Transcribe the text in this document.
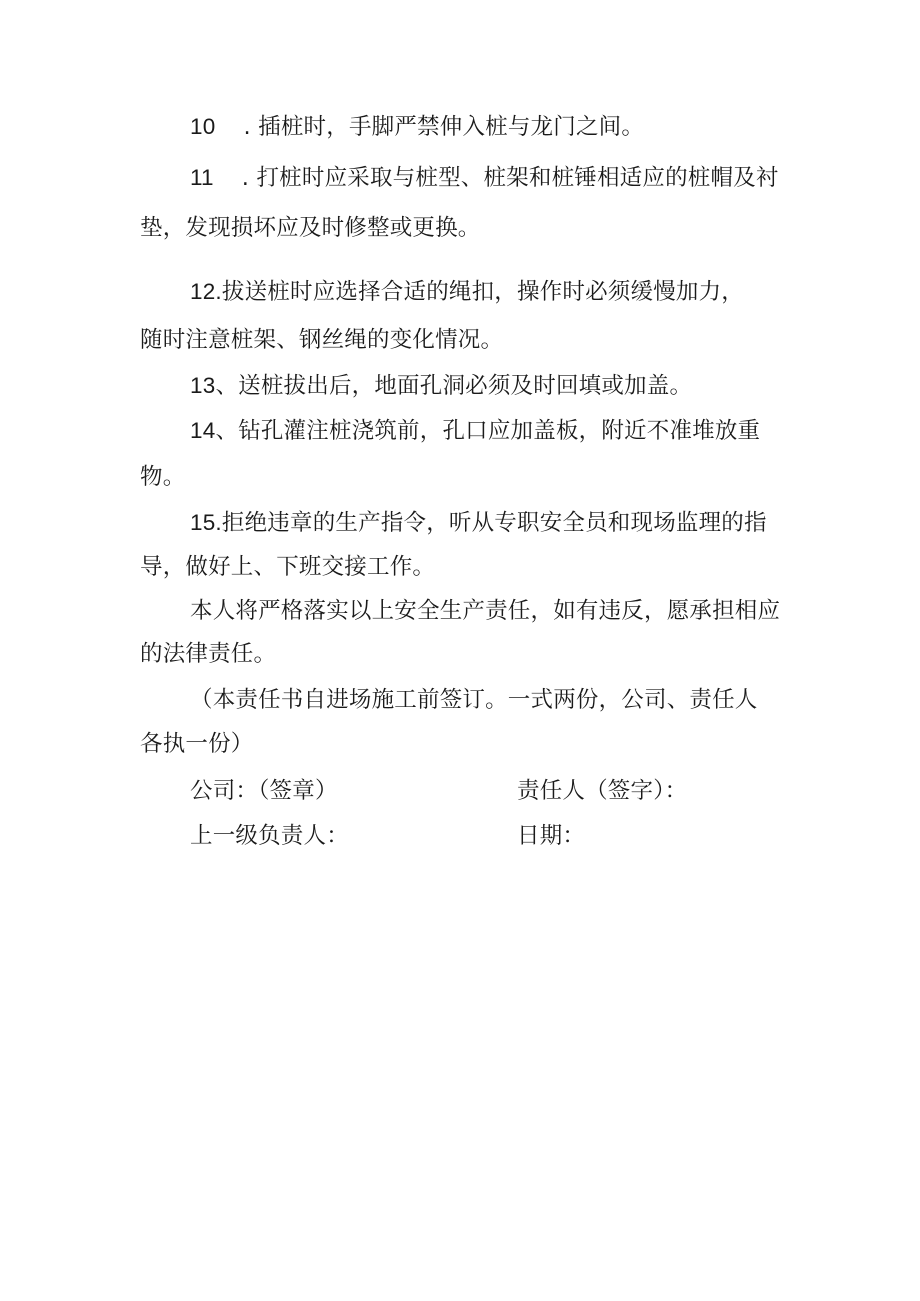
10 . 插桩时，手脚严禁伸入桩与龙门之间。
11 . 打桩时应采取与桩型、桩架和桩锤相适应的桩帽及衬
垫，发现损坏应及时修整或更换。
12.拔送桩时应选择合适的绳扣，操作时必须缓慢加力，
随时注意桩架、钢丝绳的变化情况。
13、送桩拔出后，地面孔洞必须及时回填或加盖。
14、钻孔灌注桩浇筑前，孔口应加盖板，附近不准堆放重
物。
15.拒绝违章的生产指令，听从专职安全员和现场监理的指
导，做好上、下班交接工作。
本人将严格落实以上安全生产责任，如有违反，愿承担相应
的法律责任。
（本责任书自进场施工前签订。一式两份，公司、责任人
各执一份）
公司：（签章）	责任人（签字）：
上一级负责人：	日期：
